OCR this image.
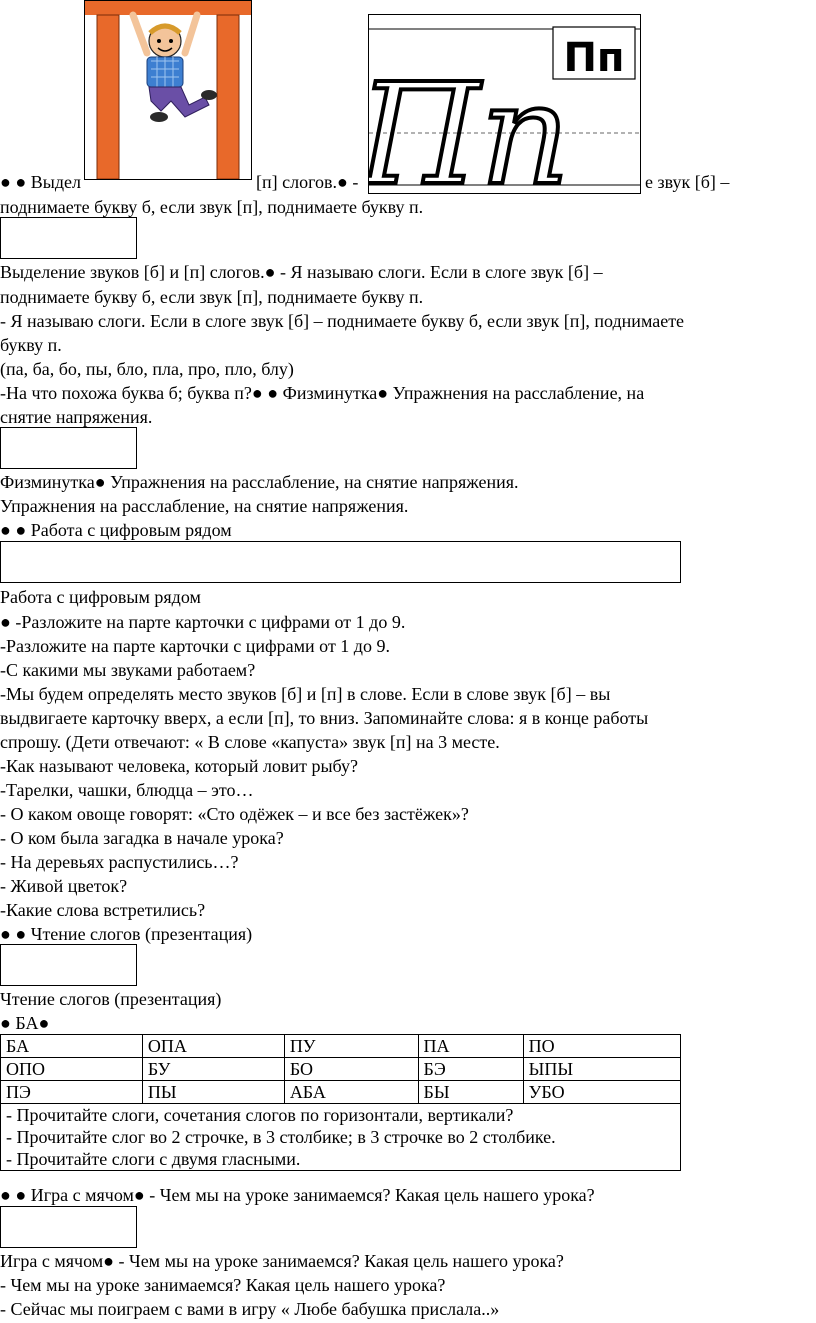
Пп
Пп
● ● Выдел	[п] слогов.● -	е звук [б] –
поднимаете букву б, если звук [п], поднимаете букву п.
Выделение звуков [б] и [п] слогов.● - Я называю слоги. Если в слоге звук [б] –
поднимаете букву б, если звук [п], поднимаете букву п.
- Я называю слоги. Если в слоге звук [б] – поднимаете букву б, если звук [п], поднимаете
букву п.
(па, ба, бо, пы, бло, пла, про, пло, блу)
-На что похожа буква б; буква п?● ● Физминутка● Упражнения на расслабление, на
снятие напряжения.
Физминутка● Упражнения на расслабление, на снятие напряжения.
Упражнения на расслабление, на снятие напряжения.
● ● Работа с цифровым рядом
Работа с цифровым рядом
● -Разложите на парте карточки с цифрами от 1 до 9.
-Разложите на парте карточки с цифрами от 1 до 9.
-С какими мы звуками работаем?
-Мы будем определять место звуков [б] и [п] в слове. Если в слове звук [б] – вы
выдвигаете карточку вверх, а если [п], то вниз. Запоминайте слова: я в конце работы
спрошу. (Дети отвечают: « В слове «капуста» звук [п] на 3 месте.
-Как называют человека, который ловит рыбу?
-Тарелки, чашки, блюдца – это…
- О каком овоще говорят: «Сто одёжек – и все без застёжек»?
- О ком была загадка в начале урока?
- На деревьях распустились…?
- Живой цветок?
-Какие слова встретились?
● ● Чтение слогов (презентация)
Чтение слогов (презентация)
● БА●
БА	ОПА	ПУ	ПА	ПО
ОПО	БУ	БО	БЭ	ЫПЫ
ПЭ	ПЫ	АБА	БЫ	УБО

- Прочитайте слоги, сочетания слогов по горизонтали, вертикали?
- Прочитайте слог во 2 строчке, в 3 столбике; в 3 строчке во 2 столбике.
- Прочитайте слоги с двумя гласными.				
● ● Игра с мячом● - Чем мы на уроке занимаемся? Какая цель нашего урока?
Игра с мячом● - Чем мы на уроке занимаемся? Какая цель нашего урока?
- Чем мы на уроке занимаемся? Какая цель нашего урока?
- Сейчас мы поиграем с вами в игру « Любе бабушка прислала..»
